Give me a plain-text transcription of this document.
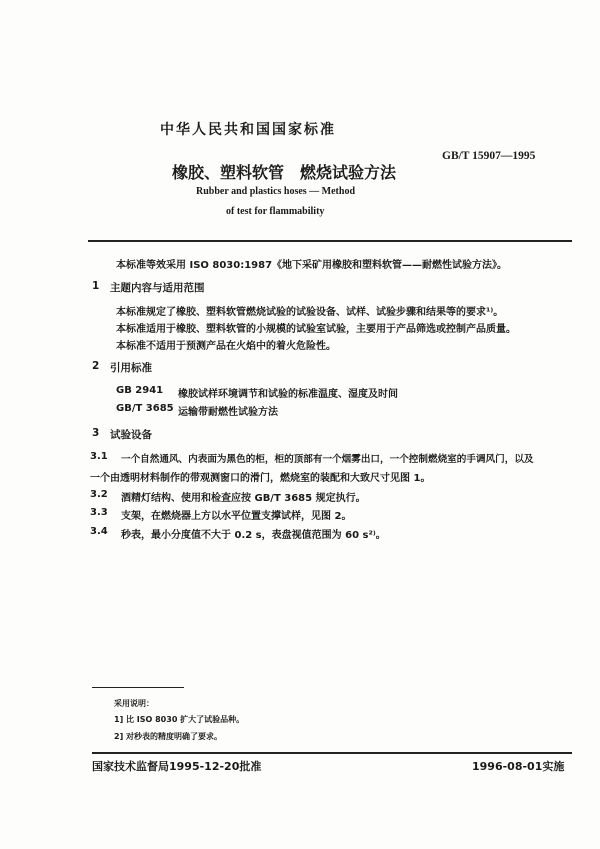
中华人民共和国国家标准
橡胶、塑料软管　燃烧试验方法
GB/T 15907—1995
Rubber and plastics hoses — Method
of test for flammability
本标准等效采用 ISO 8030:1987《地下采矿用橡胶和塑料软管——耐燃性试验方法》。
1 主题内容与适用范围
本标准规定了橡胶、塑料软管燃烧试验的试验设备、试样、试验步骤和结果等的要求¹⁾。
本标准适用于橡胶、塑料软管的小规模的试验室试验，主要用于产品筛选或控制产品质量。
本标准不适用于预测产品在火焰中的着火危险性。
2 引用标准
GB 2941 橡胶试样环境调节和试验的标准温度、湿度及时间
GB/T 3685 运输带耐燃性试验方法
3 试验设备
3.1 一个自然通风、内表面为黑色的柜，柜的顶部有一个烟雾出口，一个控制燃烧室的手调风门，以及
一个由透明材料制作的带观测窗口的滑门，燃烧室的装配和大致尺寸见图 1。
3.2 酒精灯结构、使用和检查应按 GB/T 3685 规定执行。
3.3 支架，在燃烧器上方以水平位置支撑试样，见图 2。
3.4 秒表，最小分度值不大于 0.2 s，表盘视值范围为 60 s²⁾。
采用说明：
1] 比 ISO 8030 扩大了试验品种。
2] 对秒表的精度明确了要求。
国家技术监督局1995-12-20批准	1996-08-01实施
